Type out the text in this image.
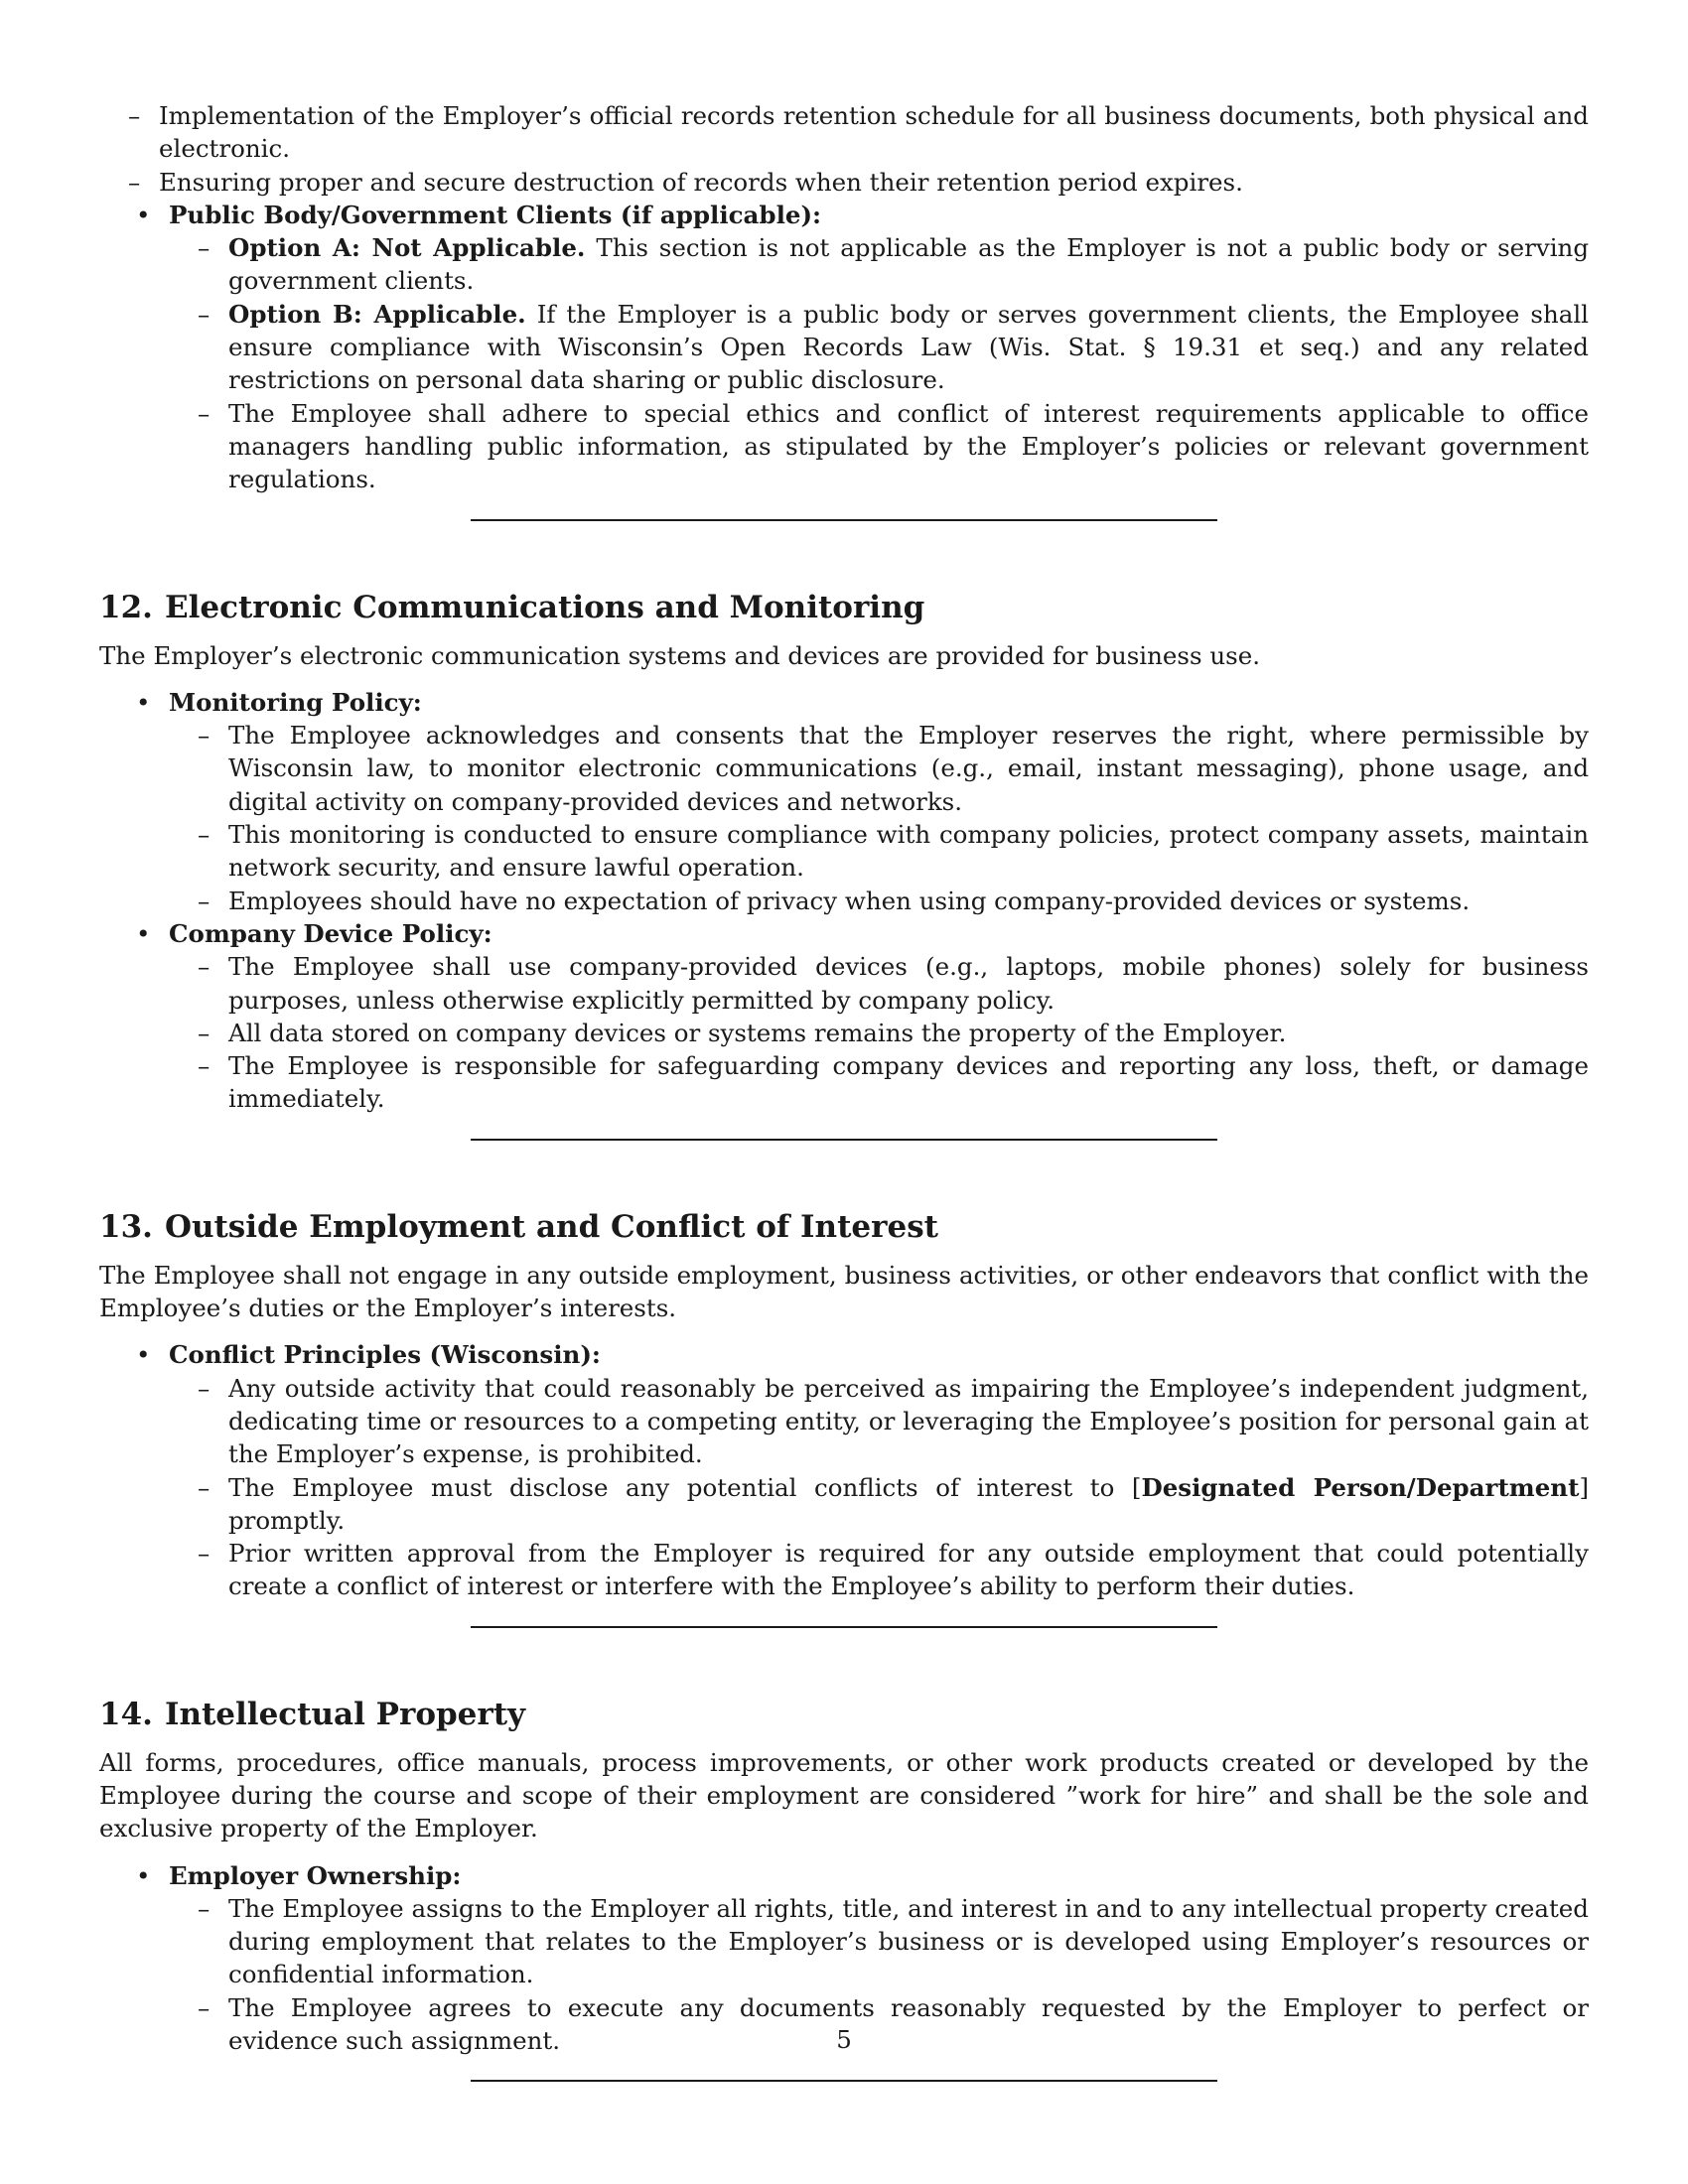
– Implementation of the Employer’s official records retention schedule for all business documents, both physical and electronic.
– Ensuring proper and secure destruction of records when their retention period expires.
• Public Body/Government Clients (if applicable):
– Option A: Not Applicable. This section is not applicable as the Employer is not a public body or serving government clients.
– Option B: Applicable. If the Employer is a public body or serves government clients, the Employee shall ensure compliance with Wisconsin’s Open Records Law (Wis. Stat. § 19.31 et seq.) and any related restrictions on personal data sharing or public disclosure.
– The Employee shall adhere to special ethics and conflict of interest requirements applicable to office managers handling public information, as stipulated by the Employer’s policies or relevant government regulations.
12. Electronic Communications and Monitoring

The Employer’s electronic communication systems and devices are provided for business use.

• Monitoring Policy:
– The Employee acknowledges and consents that the Employer reserves the right, where permissible by Wisconsin law, to monitor electronic communications (e.g., email, instant messaging), phone usage, and digital activity on company-provided devices and networks.
– This monitoring is conducted to ensure compliance with company policies, protect company assets, maintain network security, and ensure lawful operation.
– Employees should have no expectation of privacy when using company-provided devices or systems.
• Company Device Policy:
– The Employee shall use company-provided devices (e.g., laptops, mobile phones) solely for business purposes, unless otherwise explicitly permitted by company policy.
– All data stored on company devices or systems remains the property of the Employer.
– The Employee is responsible for safeguarding company devices and reporting any loss, theft, or damage immediately.
13. Outside Employment and Conflict of Interest

The Employee shall not engage in any outside employment, business activities, or other endeavors that conflict with the Employee’s duties or the Employer’s interests.

• Conflict Principles (Wisconsin):
– Any outside activity that could reasonably be perceived as impairing the Employee’s independent judgment, dedicating time or resources to a competing entity, or leveraging the Employee’s position for personal gain at the Employer’s expense, is prohibited.
– The Employee must disclose any potential conflicts of interest to [Designated Person/Department] promptly.
– Prior written approval from the Employer is required for any outside employment that could potentially create a conflict of interest or interfere with the Employee’s ability to perform their duties.
14. Intellectual Property

All forms, procedures, office manuals, process improvements, or other work products created or developed by the Employee during the course and scope of their employment are considered ”work for hire” and shall be the sole and exclusive property of the Employer.

• Employer Ownership:
– The Employee assigns to the Employer all rights, title, and interest in and to any intellectual property created during employment that relates to the Employer’s business or is developed using Employer’s resources or confidential information.
– The Employee agrees to execute any documents reasonably requested by the Employer to perfect or evidence such assignment.	5
